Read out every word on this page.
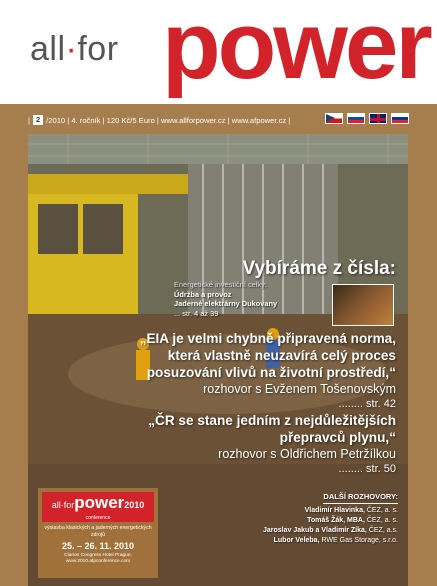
all·for power
| 2 /2010 | 4. ročník | 120 Kč/5 Euro | www.allforpower.cz | www.afpower.cz |
Vybíráme z čísla:
Energetické investiční celky:
Údržba a provoz
Jaderné elektrárny Dukovany
... str. 4 až 39
„EIA je velmi chybně připravená norma, která vlastně neuzavírá celý proces posuzování vlivů na životní prostředí,“
rozhovor s Evženem Tošenovským
........ str. 42
„ČR se stane jedním z nejdůležitějších přepravců plynu,“
rozhovor s Oldřichem Petržílkou
........ str. 50
all·forpower2010
conference
výstavba klasických a jaderných energetických zdrojů
25. – 26. 11. 2010
Clarion Congress Hotel Prague, www.2010.afpconference.com
DALŠÍ ROZHOVORY:
Vladimír Hlavinka, ČEZ, a. s.
Tomáš Žák, MBA, ČEZ, a. s.
Jaroslav Jakub a Vladimír Zíka, ČEZ, a.s.
Lubor Veleba, RWE Gas Storage, s.r.o.
